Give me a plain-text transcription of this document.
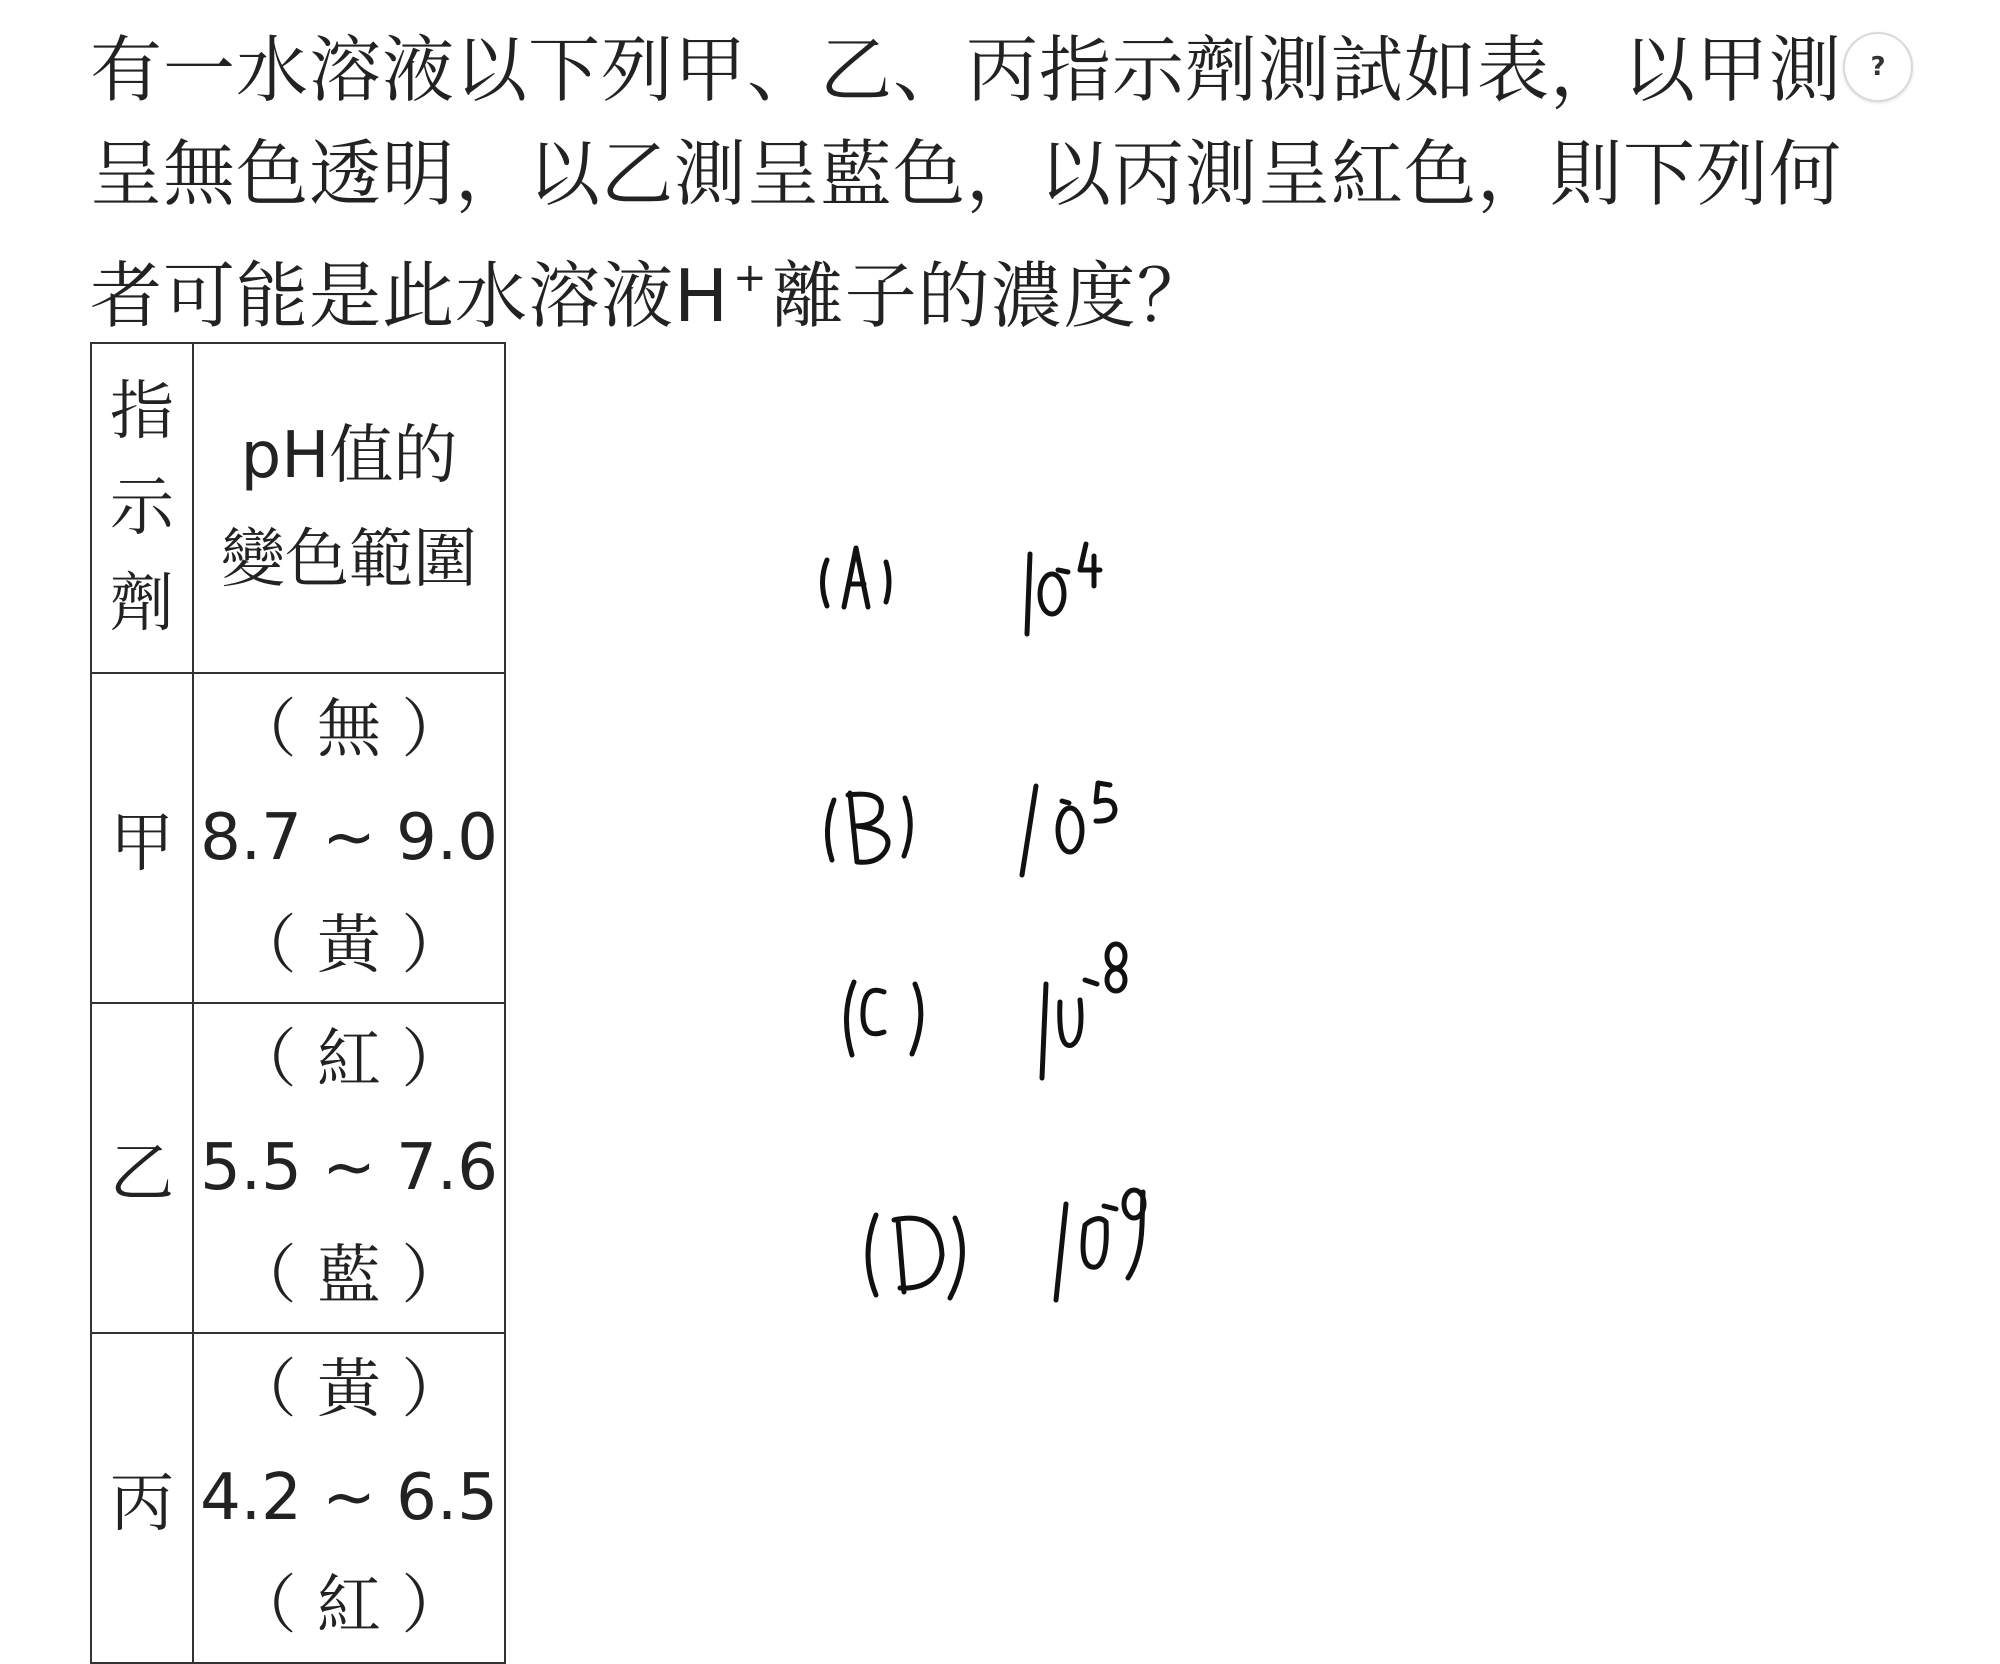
有一水溶液以下列甲、乙、丙指示劑測試如表，以甲測
呈無色透明，以乙測呈藍色，以丙測呈紅色，則下列何
者可能是此水溶液H +離子的濃度？
?
指
示
劑	pH值的
變色範圍

甲	（ 無 ）
8.7 ~ 9.0
（ 黃 ）

乙	（ 紅 ）
5.5 ~ 7.6
（ 藍 ）

丙	（ 黃 ）
4.2 ~ 6.5
（ 紅 ）
